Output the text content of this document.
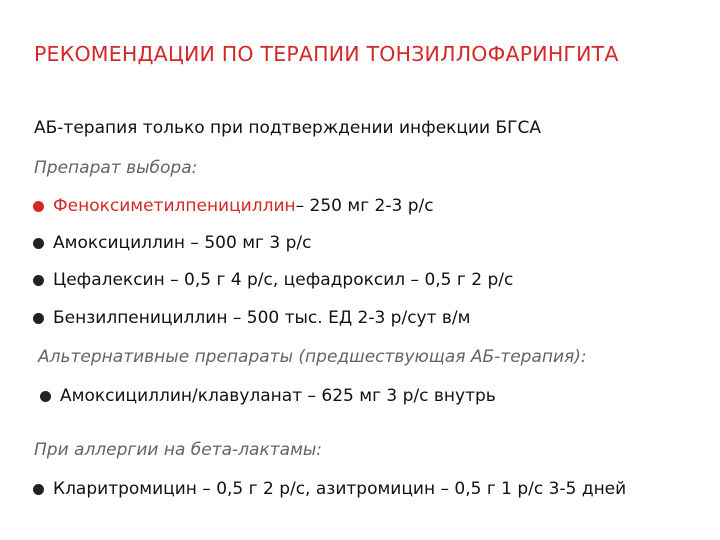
РЕКОМЕНДАЦИИ ПО ТЕРАПИИ ТОНЗИЛЛОФАРИНГИТА
АБ-терапия только при подтверждении инфекции БГСА
Препарат выбора:
Феноксиметилпенициллин – 250 мг 2-3 р/с
Амоксициллин – 500 мг 3 р/с
Цефалексин – 0,5 г 4 р/с, цефадроксил – 0,5 г 2 р/с
Бензилпенициллин – 500 тыс. ЕД 2-3 р/сут в/м
Альтернативные препараты (предшествующая АБ-терапия):
Амоксициллин/клавуланат – 625 мг 3 р/с внутрь
При аллергии на бета-лактамы:
Кларитромицин – 0,5 г 2 р/с, азитромицин – 0,5 г 1 р/с 3-5 дней
